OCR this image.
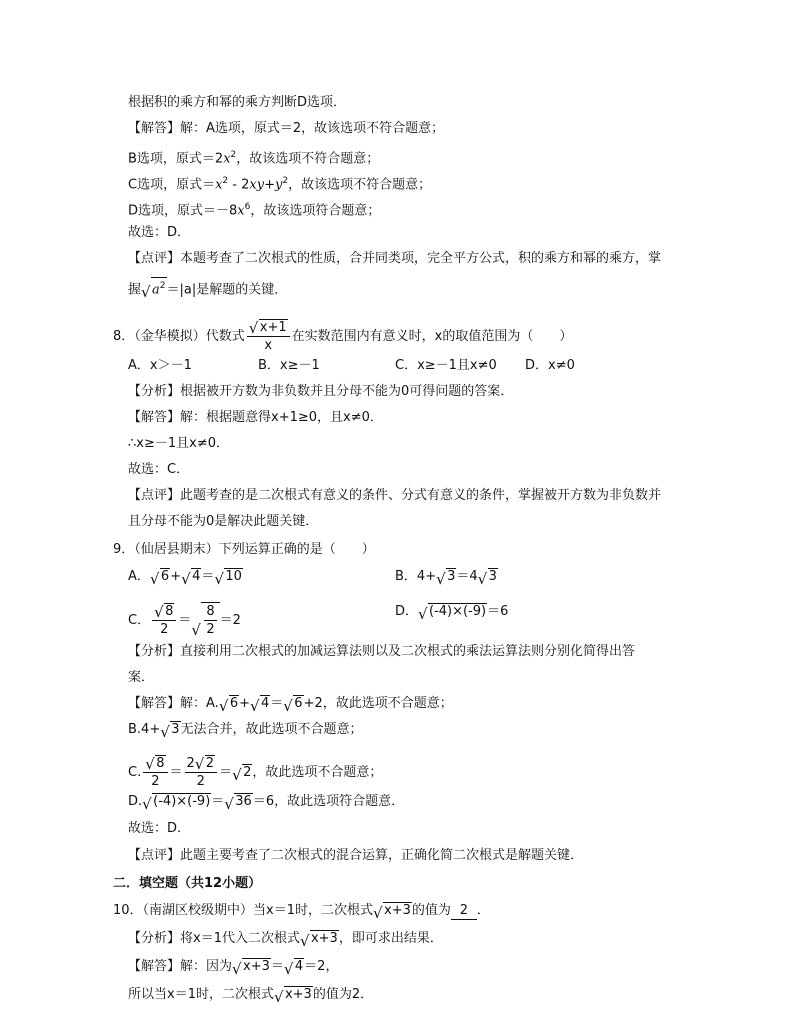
根据积的乘方和幂的乘方判断D选项．
【解答】解：A选项，原式＝2，故该选项不符合题意；
B选项，原式$=2x^2$，故该选项不符合题意；
C选项，原式$=x^2 - 2xy+y^2$，故该选项不符合题意；
D选项，原式$=-8x^6$，故该选项符合题意；
故选：D．
【点评】本题考查了二次根式的性质，合并同类项，完全平方公式，积的乘方和幂的乘方，掌
握 √ $a^2=|a|$是解题的关键．
8．（金华模拟）代数式 √ $\frac{x+1}{x}$ 在实数范围内有意义时，x的取值范围为（　　）
A．x＞－1	B．x≥－1	C．x≥－1且x≠0 D．x≠0
【分析】根据被开方数为非负数并且分母不能为0可得问题的答案．
【解答】解：根据题意得x+1≥0，且x≠0．
∴x≥－1且x≠0．
故选：C．
【点评】此题考查的是二次根式有意义的条件、分式有意义的条件，掌握被开方数为非负数并
且分母不能为0是解决此题关键．
9．（仙居县期末）下列运算正确的是（　　）
A． √ 6+ √ 4＝ √ 10	B．4+ √ 3＝4 √ 3
C． √ $\frac{8}{2}$ ＝ √ $\frac{8}{2} =2$
D． √ (-4)×(-9)＝6
【分析】直接利用二次根式的加减运算法则以及二次根式的乘法运算法则分别化简得出答
案．
【解答】解：A. √ 6+ √ 4＝ √ 6+2，故此选项不合题意；
B.4+ √ 3无法合并，故此选项不合题意；
C. √ $\frac{8}{2} = \frac{2 √ 2}{2}$ ＝ √ 2，故此选项不合题意；
D. √ (-4)×(-9)＝ √ 36＝6，故此选项符合题意．
故选：D．
【点评】此题主要考查了二次根式的混合运算，正确化简二次根式是解题关键．
二．填空题（共12小题）
10．（南湖区校级期中）当x＝1时，二次根式 √ x+3的值为 2 ．
【分析】将x＝1代入二次根式 √ x+3，即可求出结果．
【解答】解：因为 √ x+3＝ √ 4＝2，
所以当x＝1时，二次根式 √ x+3的值为2．
